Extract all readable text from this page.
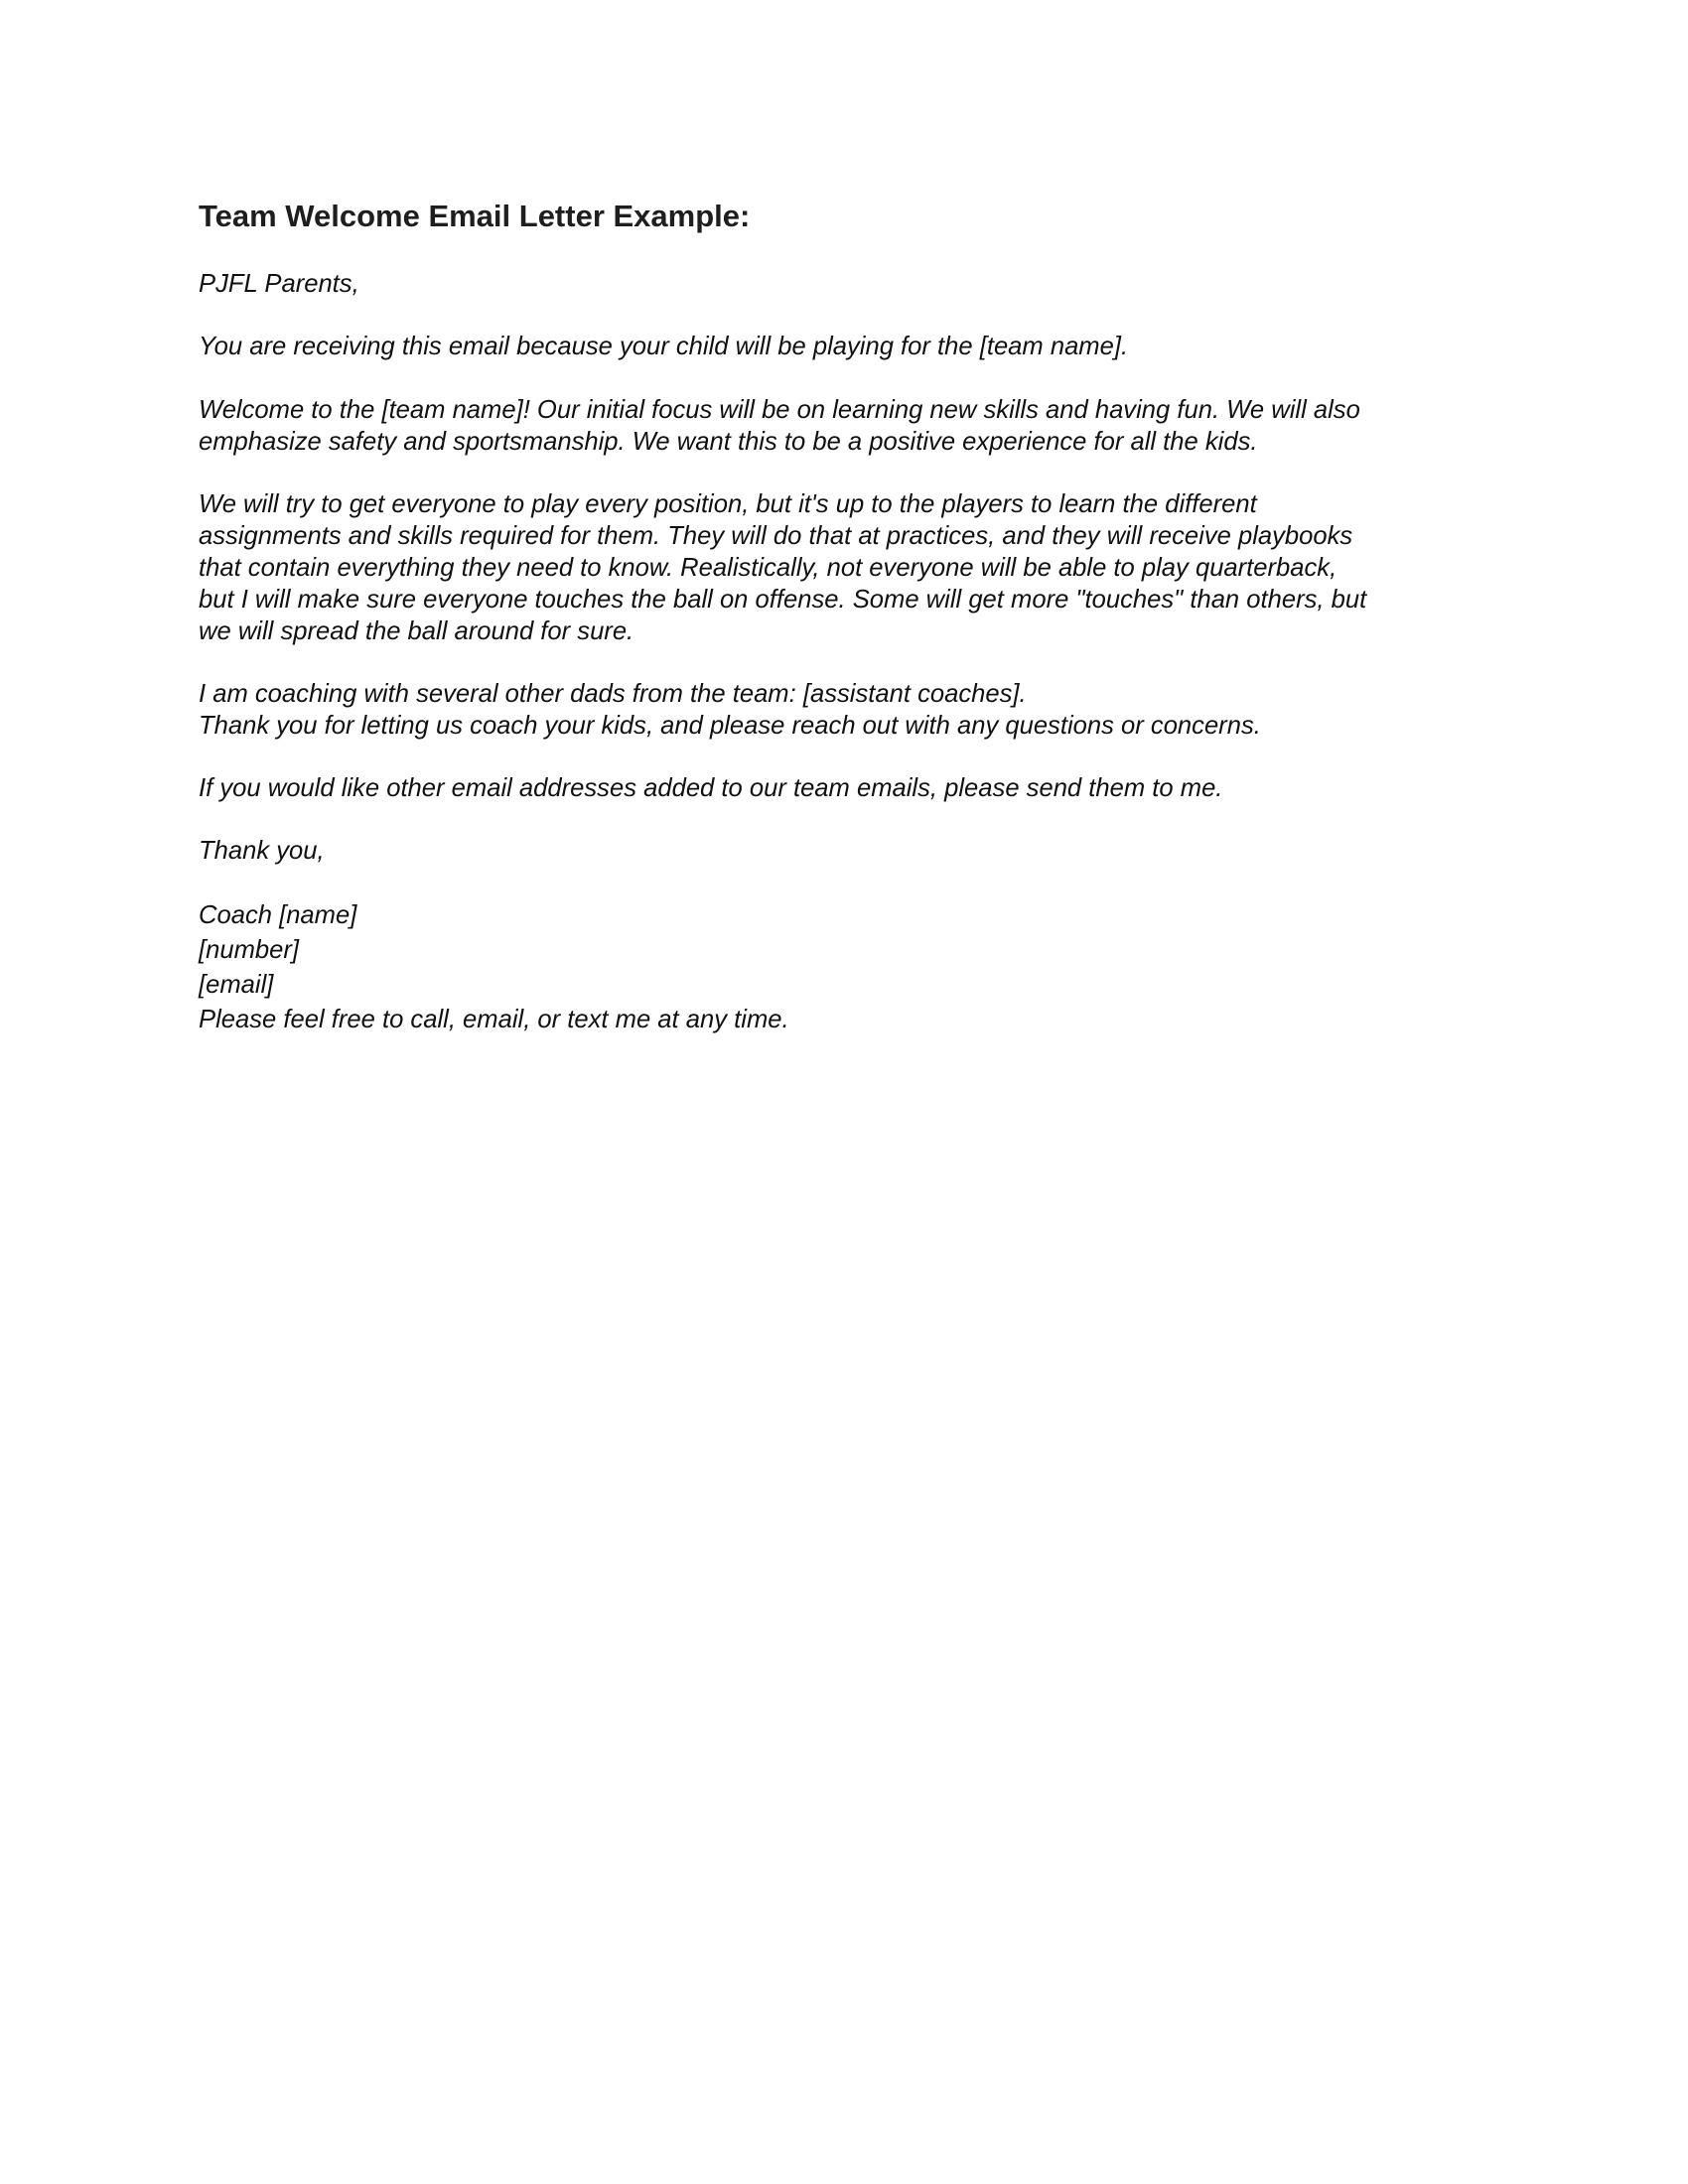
Team Welcome Email Letter Example:
PJFL Parents,
You are receiving this email because your child will be playing for the [team name].
Welcome to the [team name]! Our initial focus will be on learning new skills and having fun. We will also
emphasize safety and sportsmanship. We want this to be a positive experience for all the kids.
We will try to get everyone to play every position, but it's up to the players to learn the different
assignments and skills required for them. They will do that at practices, and they will receive playbooks
that contain everything they need to know. Realistically, not everyone will be able to play quarterback,
but I will make sure everyone touches the ball on offense. Some will get more "touches" than others, but
we will spread the ball around for sure.
I am coaching with several other dads from the team: [assistant coaches].
Thank you for letting us coach your kids, and please reach out with any questions or concerns.
If you would like other email addresses added to our team emails, please send them to me.
Thank you,
Coach [name]
[number]
[email]
Please feel free to call, email, or text me at any time.
